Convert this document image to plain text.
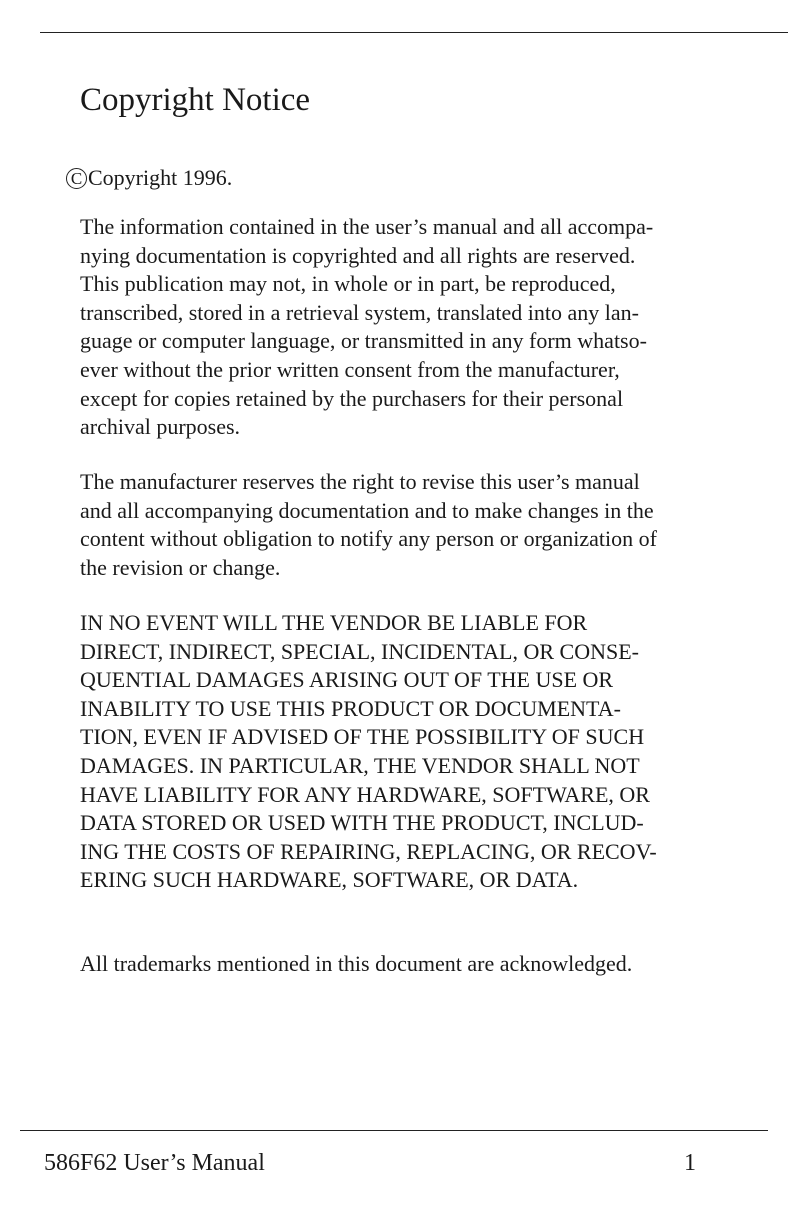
Copyright Notice
C Copyright 1996.

The information contained in the user’s manual and all accompa-
nying documentation is copyrighted and all rights are reserved.
This publication may not, in whole or in part, be reproduced,
transcribed, stored in a retrieval system, translated into any lan-
guage or computer language, or transmitted in any form whatso-
ever without the prior written consent from the manufacturer,
except for copies retained by the purchasers for their personal
archival purposes.

The manufacturer reserves the right to revise this user’s manual
and all accompanying documentation and to make changes in the
content without obligation to notify any person or organization of
the revision or change.

IN NO EVENT WILL THE VENDOR BE LIABLE FOR
DIRECT, INDIRECT, SPECIAL, INCIDENTAL, OR CONSE-
QUENTIAL DAMAGES ARISING OUT OF THE USE OR
INABILITY TO USE THIS PRODUCT OR DOCUMENTA-
TION, EVEN IF ADVISED OF THE POSSIBILITY OF SUCH
DAMAGES. IN PARTICULAR, THE VENDOR SHALL NOT
HAVE LIABILITY FOR ANY HARDWARE, SOFTWARE, OR
DATA STORED OR USED WITH THE PRODUCT, INCLUD-
ING THE COSTS OF REPAIRING, REPLACING, OR RECOV-
ERING SUCH HARDWARE, SOFTWARE, OR DATA.

All trademarks mentioned in this document are acknowledged.

586F62 User’s Manual	1
